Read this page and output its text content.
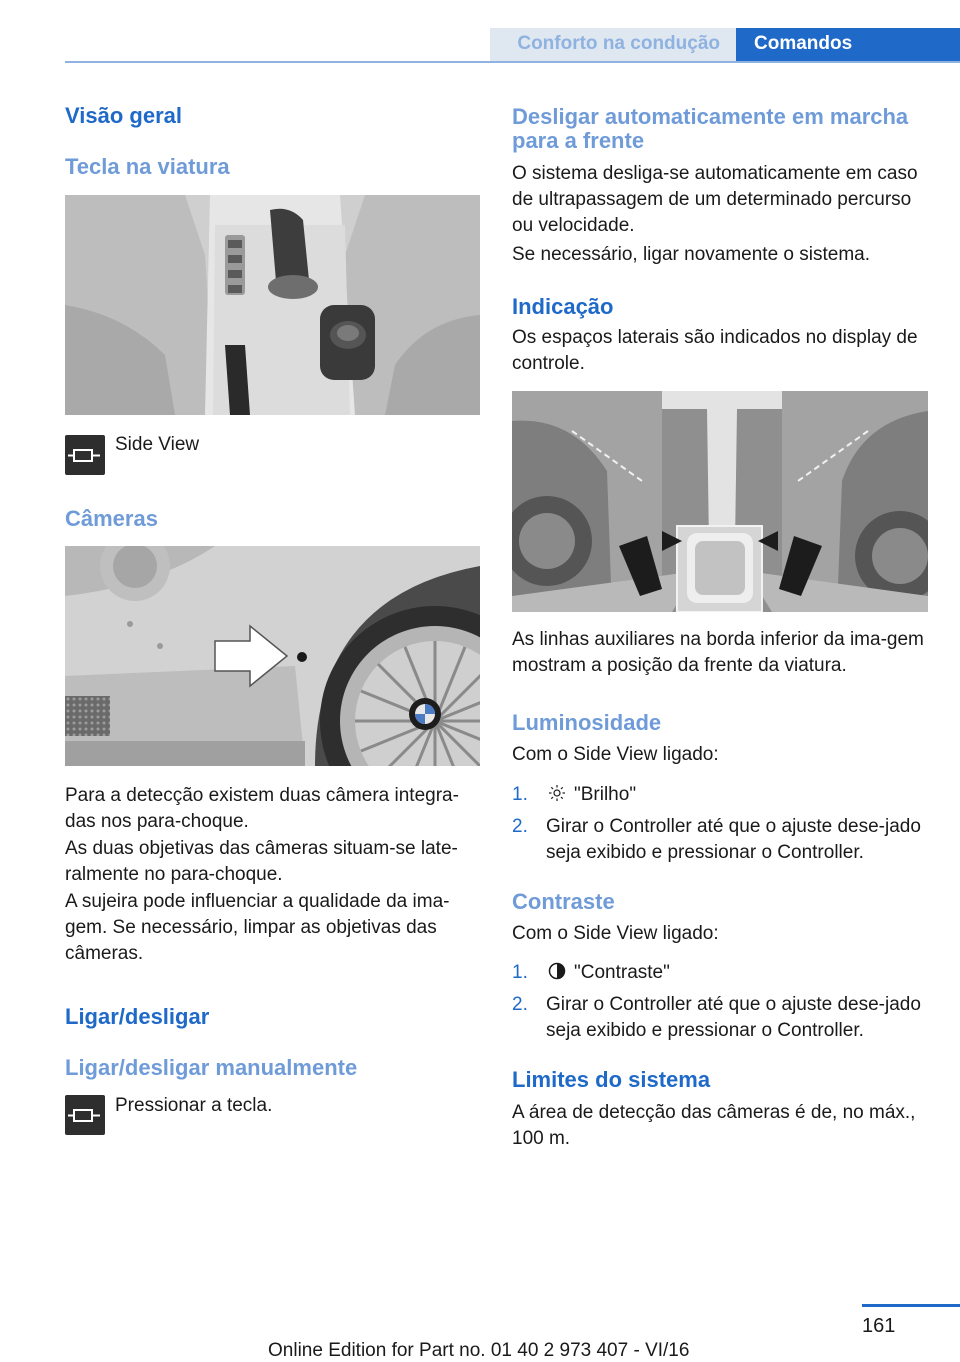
Conforto na condução Comandos
Visão geral
Tecla na viatura
Side View
Câmeras
Para a detecção existem duas câmera integra-das nos para-choque.
As duas objetivas das câmeras situam-se late-ralmente no para-choque.
A sujeira pode influenciar a qualidade da ima-gem. Se necessário, limpar as objetivas das câmeras.
Ligar/desligar
Ligar/desligar manualmente
Pressionar a tecla.
Desligar automaticamente em marcha para a frente
O sistema desliga-se automaticamente em caso de ultrapassagem de um determinado percurso ou velocidade.
Se necessário, ligar novamente o sistema.
Indicação
Os espaços laterais são indicados no display de controle.
As linhas auxiliares na borda inferior da ima-gem mostram a posição da frente da viatura.
Luminosidade
Com o Side View ligado:
1.	"Brilho"
2. Girar o Controller até que o ajuste dese-jado seja exibido e pressionar o Controller.
Contraste
Com o Side View ligado:
1.	"Contraste"
2. Girar o Controller até que o ajuste dese-jado seja exibido e pressionar o Controller.
Limites do sistema
A área de detecção das câmeras é de, no máx., 100 m.
161
Online Edition for Part no. 01 40 2 973 407 - VI/16
